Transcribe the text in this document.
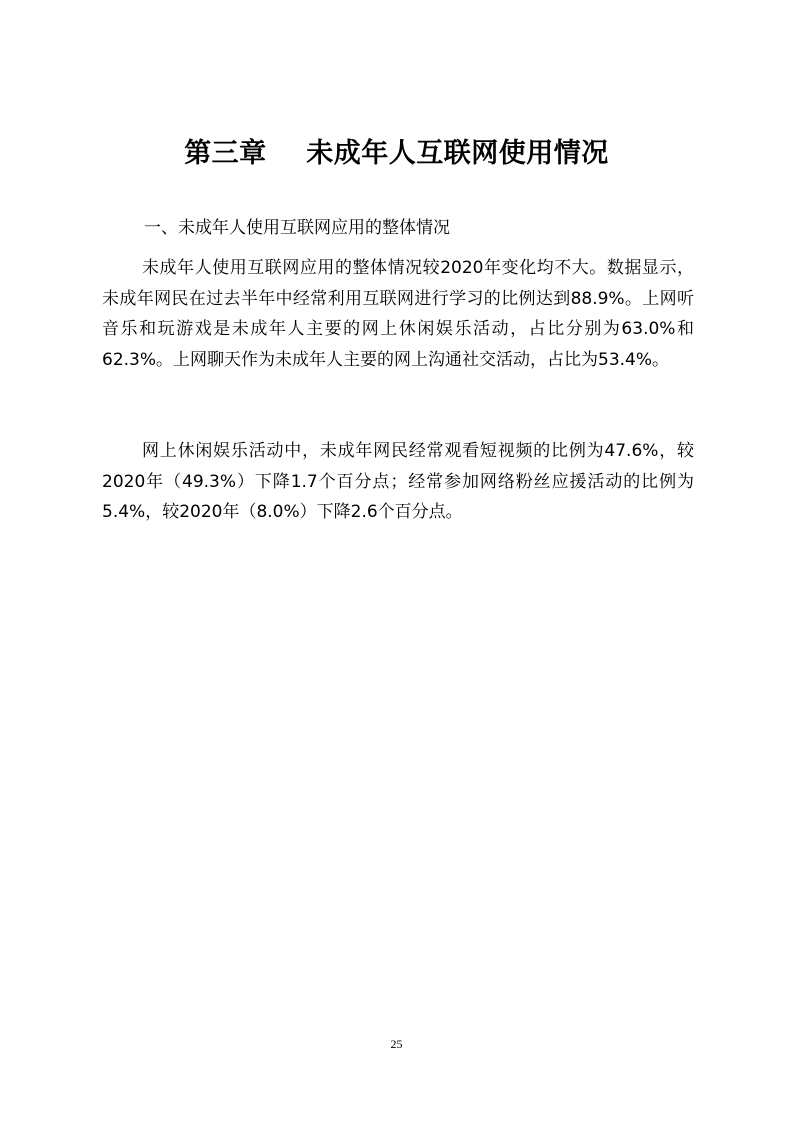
第三章    未成年人互联网使用情况
一、未成年人使用互联网应用的整体情况

未成年人使用互联网应用的整体情况较2020年变化均不大。数据显示，未成年网民在过去半年中经常利用互联网进行学习的比例达到88.9%。上网听音乐和玩游戏是未成年人主要的网上休闲娱乐活动，占比分别为63.0%和62.3%。上网聊天作为未成年人主要的网上沟通社交活动，占比为53.4%。

网上休闲娱乐活动中，未成年网民经常观看短视频的比例为47.6%，较2020年（49.3%）下降1.7个百分点；经常参加网络粉丝应援活动的比例为5.4%，较2020年（8.0%）下降2.6个百分点。

25
